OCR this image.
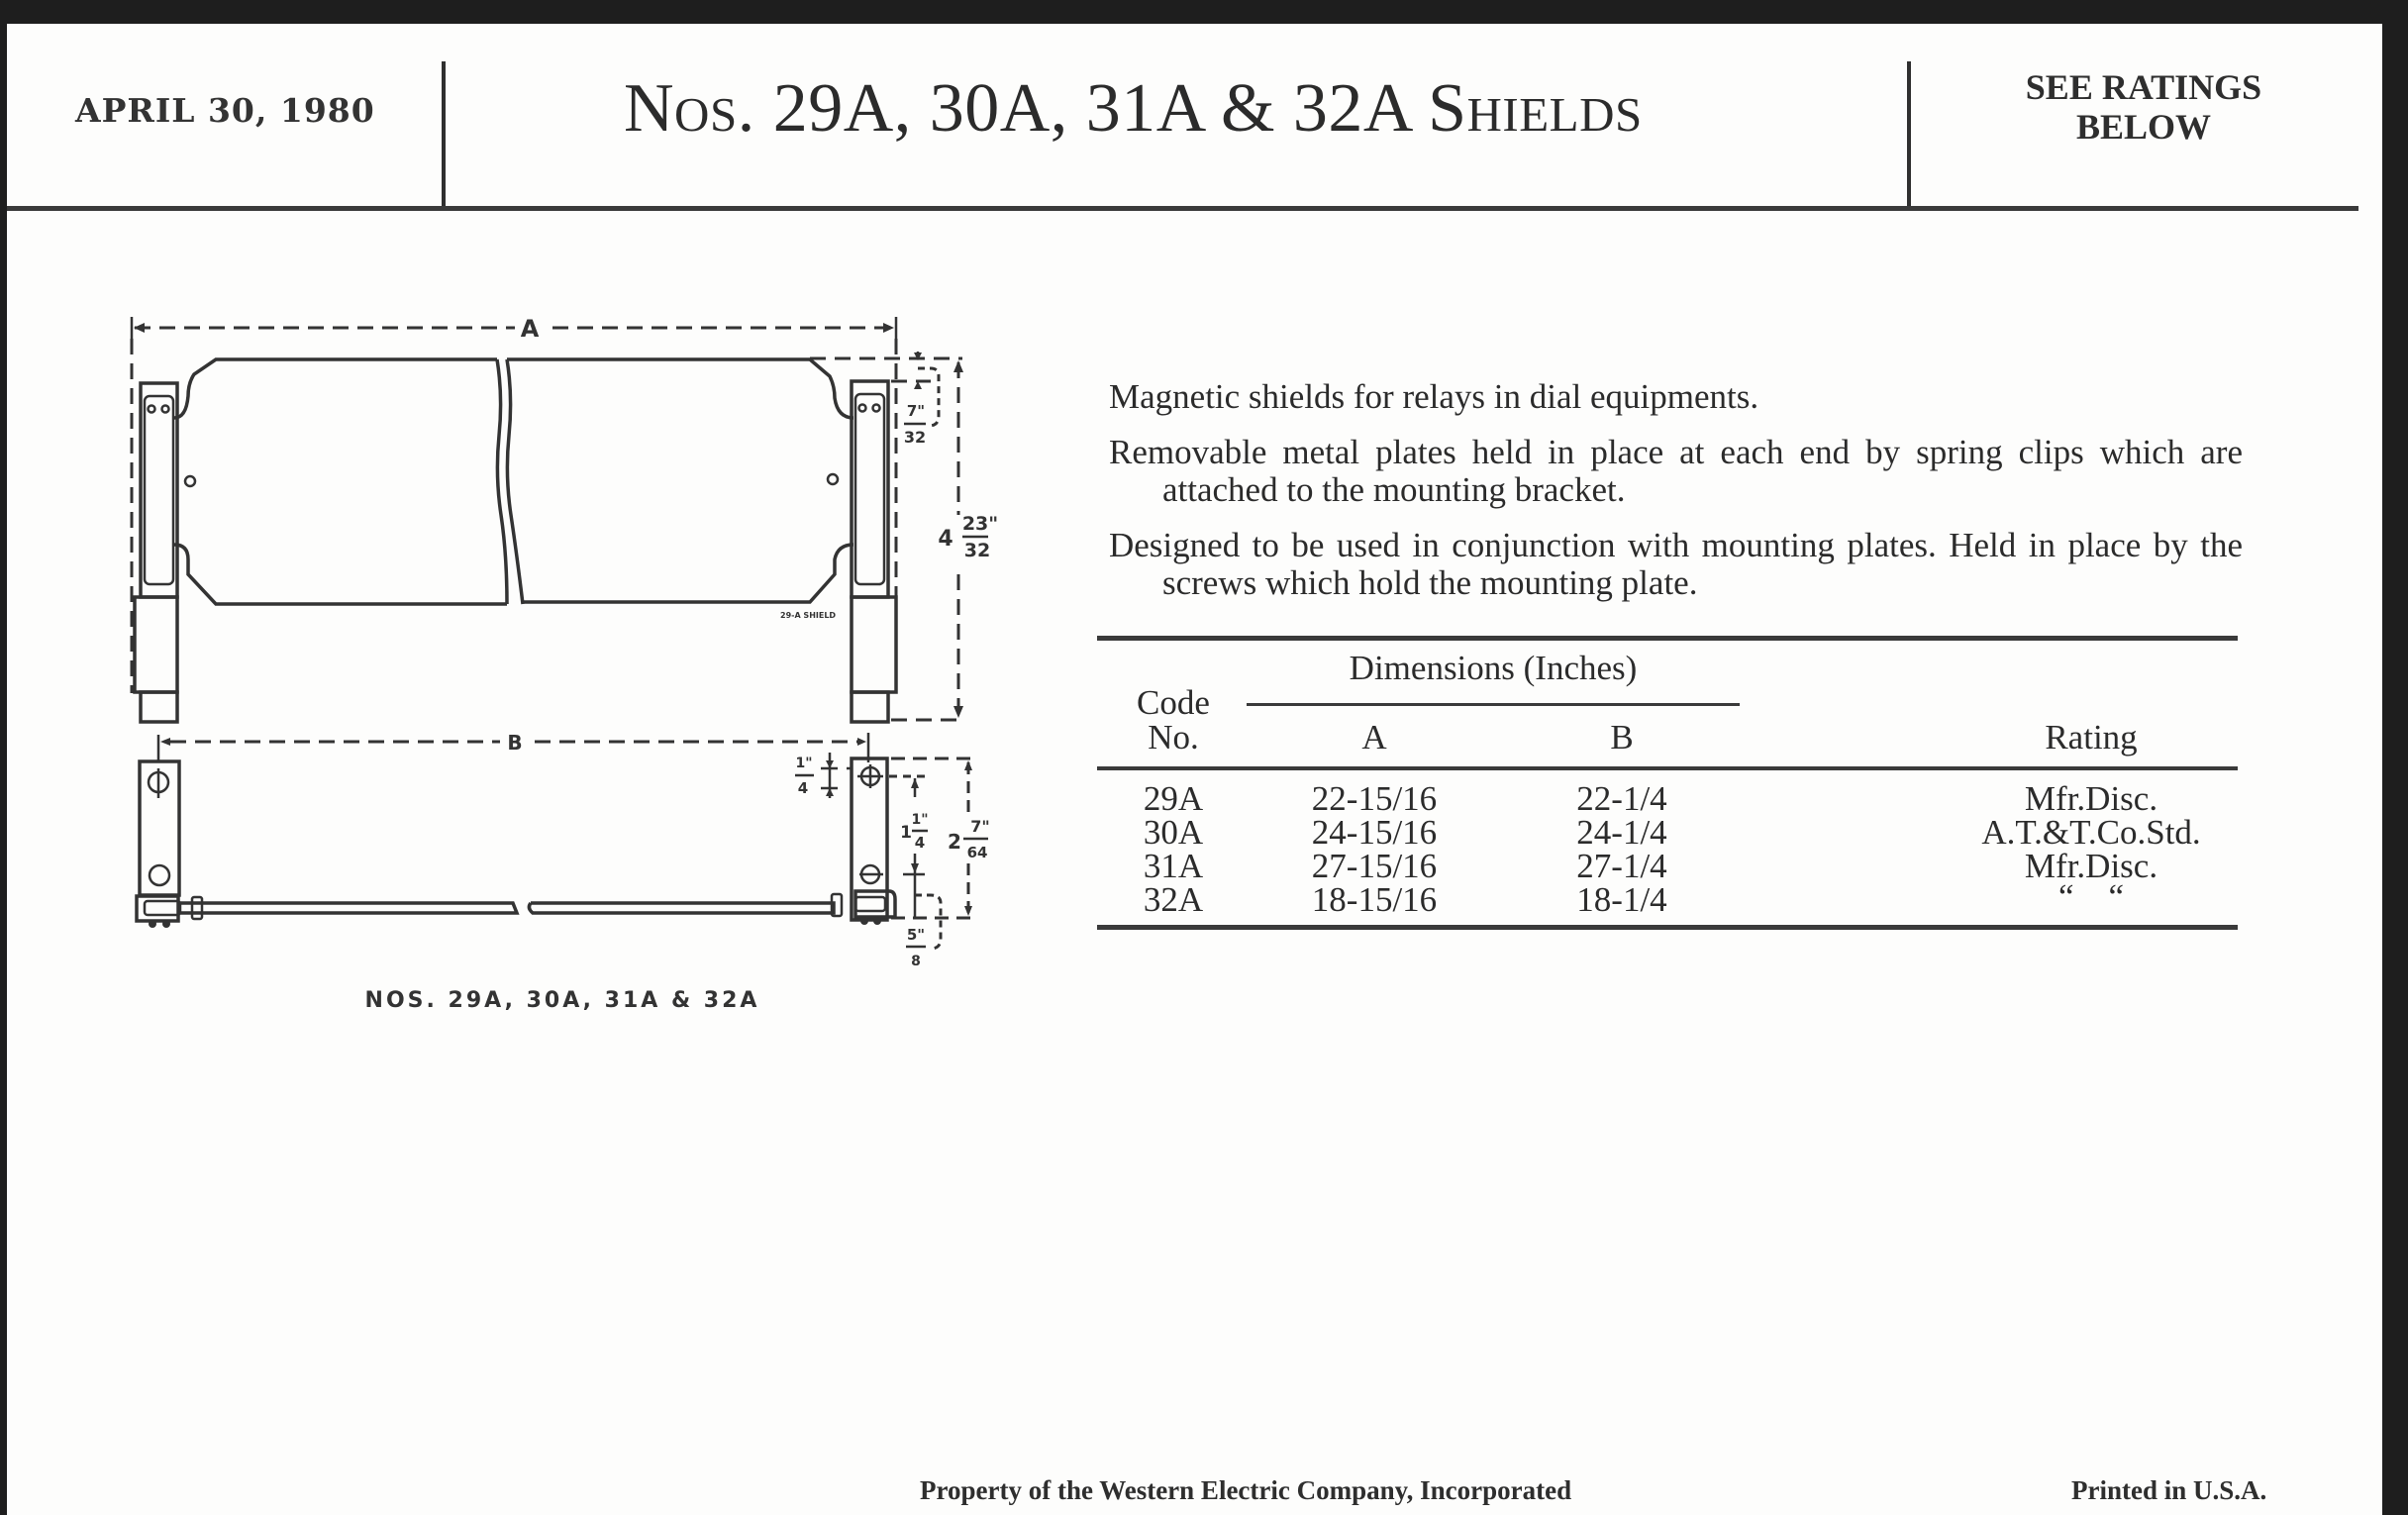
APRIL 30, 1980	Nos. 29A, 30A, 31A & 32A Shields	SEE RATINGS
BELOW
A
29-A SHIELD
4
23"
32
7"
32
B
1"
4
1
1"
4 2
7"
64
5"
8
NOS. 29A, 30A, 31A & 32A

Magnetic shields for relays in dial equipments.

Removable metal plates held in place at each end by spring clips which are attached to the mounting bracket.

Designed to be used in conjunction with mounting plates. Held in place by the screws which hold the mounting plate.

Dimensions (Inches)
Code
No.	A	B	Rating
29A	22-15/16	22-1/4	Mfr.Disc.
30A	24-15/16	24-1/4	A.T.&T.Co.Std.
31A	27-15/16	27-1/4	Mfr.Disc.
32A	18-15/16	18-1/4	“    “
Property of the Western Electric Company, Incorporated	Printed in U.S.A.
